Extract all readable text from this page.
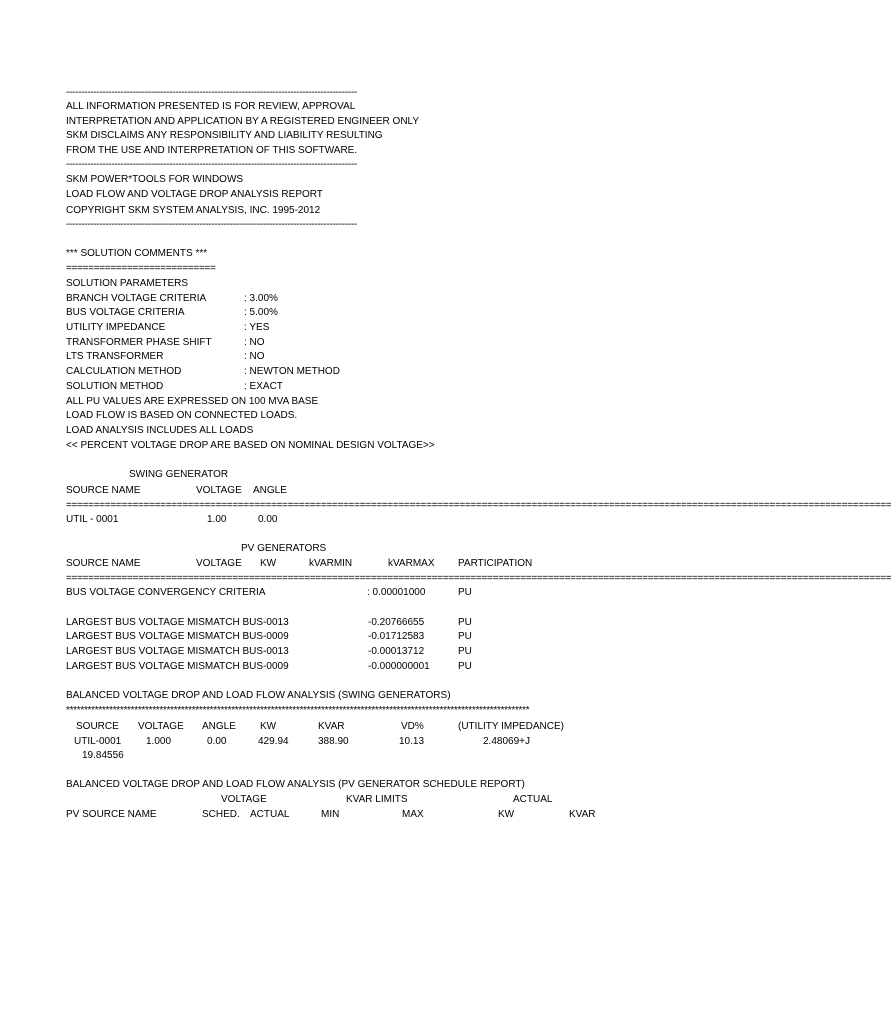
------------------------------------------------------------------------------------------------
ALL INFORMATION PRESENTED IS FOR REVIEW, APPROVAL
INTERPRETATION AND APPLICATION BY A REGISTERED ENGINEER ONLY
SKM DISCLAIMS ANY RESPONSIBILITY AND LIABILITY RESULTING
FROM THE USE AND INTERPRETATION OF THIS SOFTWARE.
------------------------------------------------------------------------------------------------
SKM POWER*TOOLS FOR WINDOWS
LOAD FLOW AND VOLTAGE DROP ANALYSIS REPORT
COPYRIGHT SKM SYSTEM ANALYSIS, INC. 1995-2012
------------------------------------------------------------------------------------------------
*** SOLUTION COMMENTS ***
===========================
SOLUTION PARAMETERS
BRANCH VOLTAGE CRITERIA	: 3.00%
BUS VOLTAGE CRITERIA	: 5.00%
UTILITY IMPEDANCE	: YES
TRANSFORMER PHASE SHIFT	: NO
LTS TRANSFORMER	: NO
CALCULATION METHOD	: NEWTON METHOD
SOLUTION METHOD	: EXACT
ALL PU VALUES ARE EXPRESSED ON 100 MVA BASE
LOAD FLOW IS BASED ON CONNECTED LOADS.
LOAD ANALYSIS INCLUDES ALL LOADS
<< PERCENT VOLTAGE DROP ARE BASED ON NOMINAL DESIGN VOLTAGE>>
SWING GENERATOR
SOURCE NAME	VOLTAGE ANGLE
=====================================================================================================================================================
UTIL - 0001	1.00	0.00
PV GENERATORS
SOURCE NAME	VOLTAGE KW	kVARMIN	kVARMAX PARTICIPATION
=====================================================================================================================================================
BUS VOLTAGE CONVERGENCY CRITERIA	: 0.00001000	PU
LARGEST BUS VOLTAGE MISMATCH BUS-0013	-0.20766655	PU
LARGEST BUS VOLTAGE MISMATCH BUS-0009	-0.01712583	PU
LARGEST BUS VOLTAGE MISMATCH BUS-0013	-0.00013712	PU
LARGEST BUS VOLTAGE MISMATCH BUS-0009	-0.000000001	PU
BALANCED VOLTAGE DROP AND LOAD FLOW ANALYSIS (SWING GENERATORS)
*********************************************************************************************************************************
SOURCE VOLTAGE ANGLE KW	KVAR	VD%	(UTILITY IMPEDANCE)
UTIL-0001 1.000	0.00	429.94	388.90	10.13	2.48069+J
19.84556
BALANCED VOLTAGE DROP AND LOAD FLOW ANALYSIS (PV GENERATOR SCHEDULE REPORT)
VOLTAGE	KVAR LIMITS	ACTUAL
PV SOURCE NAME	SCHED. ACTUAL	MIN	MAX	KW	KVAR
